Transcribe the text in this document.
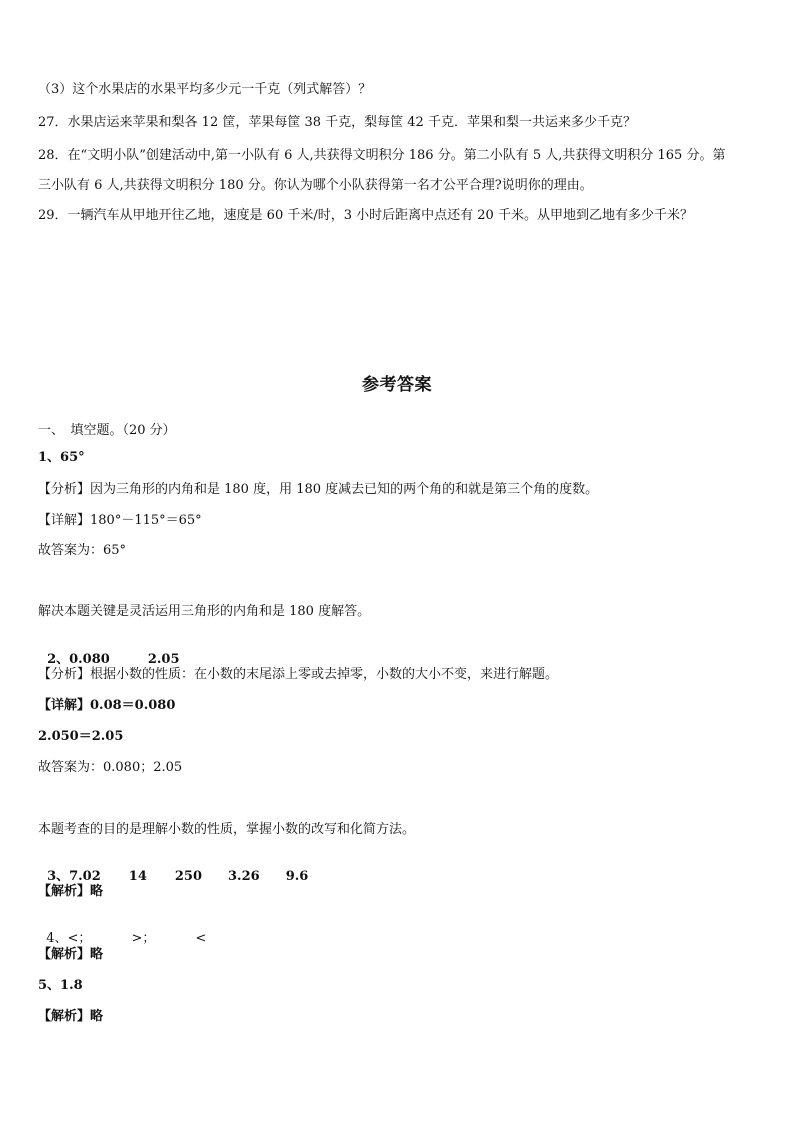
（3）这个水果店的水果平均多少元一千克（列式解答）？
27．水果店运来苹果和梨各 12 筐，苹果每筐 38 千克，梨每筐 42 千克．苹果和梨一共运来多少千克？
28．在“文明小队”创建活动中,第一小队有 6 人,共获得文明积分 186 分。第二小队有 5 人,共获得文明积分 165 分。第
三小队有 6 人,共获得文明积分 180 分。你认为哪个小队获得第一名才公平合理?说明你的理由。
29．一辆汽车从甲地开往乙地，速度是 60 千米/时，3 小时后距离中点还有 20 千米。从甲地到乙地有多少千米？
参考答案
一、　填空题。（20 分）
1、65°
【分析】因为三角形的内角和是 180 度，用 180 度减去已知的两个角的和就是第三个角的度数。
【详解】180°－115°＝65°
故答案为：65°
解决本题关键是灵活运用三角形的内角和是 180 度解答。

2、0.080	2.05

【分析】根据小数的性质：在小数的末尾添上零或去掉零，小数的大小不变，来进行解题。
【详解】0.08＝0.080
2.050＝2.05
故答案为：0.080；2.05
本题考查的目的是理解小数的性质，掌握小数的改写和化简方法。

3、7.02 14 250 3.26 9.6

【解析】略

4、<；	>；	<

【解析】略
5、1.8
【解析】略
